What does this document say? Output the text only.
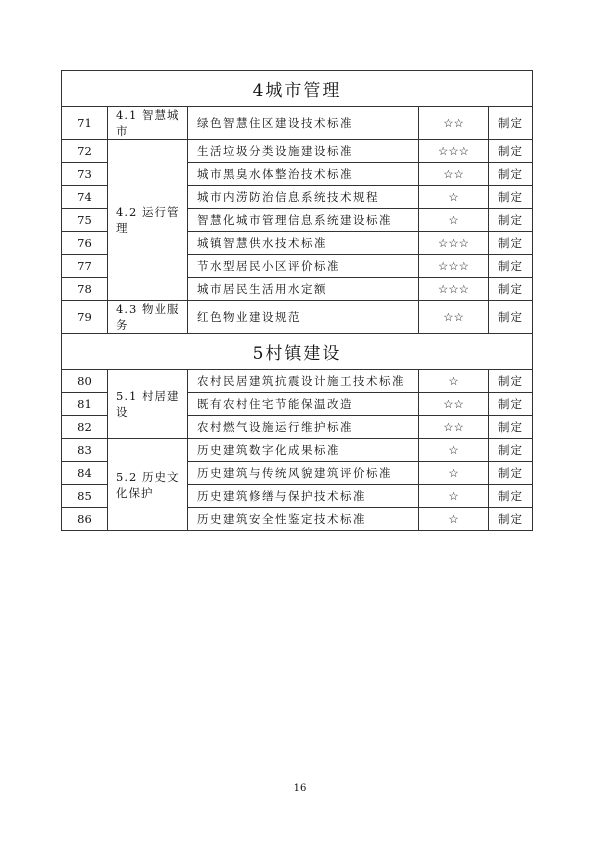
4城市管理				
71	4.1 智慧城市	绿色智慧住区建设技术标准	☆☆	制定
72	4.2 运行管理	生活垃圾分类设施建设标准	☆☆☆	制定
73		城市黑臭水体整治技术标准	☆☆	制定
74		城市内涝防治信息系统技术规程	☆	制定
75		智慧化城市管理信息系统建设标准	☆	制定
76		城镇智慧供水技术标准	☆☆☆	制定
77		节水型居民小区评价标准	☆☆☆	制定
78		城市居民生活用水定额	☆☆☆	制定
79	4.3 物业服务	红色物业建设规范	☆☆	制定
5村镇建设				
80	5.1 村居建设	农村民居建筑抗震设计施工技术标准	☆	制定
81		既有农村住宅节能保温改造	☆☆	制定
82		农村燃气设施运行维护标准	☆☆	制定
83	5.2 历史文化保护	历史建筑数字化成果标准	☆	制定
84		历史建筑与传统风貌建筑评价标准	☆	制定
85		历史建筑修缮与保护技术标准	☆	制定
86		历史建筑安全性鉴定技术标准	☆	制定
16
